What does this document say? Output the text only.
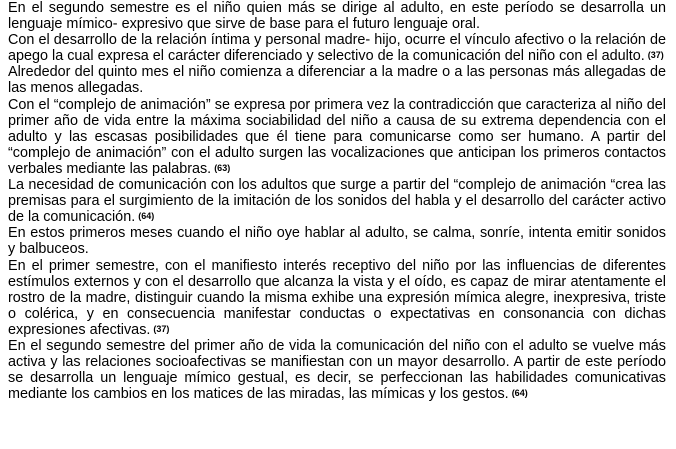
En el segundo semestre es el niño quien más se dirige al adulto, en este período se desarrolla un lenguaje mímico- expresivo que sirve de base para el futuro lenguaje oral.

Con el desarrollo de la relación íntima y personal madre- hijo, ocurre el vínculo afectivo o la relación de apego la cual expresa el carácter diferenciado y selectivo de la comunicación del niño con el adulto. $^{(37)}$

Alrededor del quinto mes el niño comienza a diferenciar a la madre o a las personas más allegadas de las menos allegadas.

Con el “complejo de animación” se expresa por primera vez la contradicción que caracteriza al niño del primer año de vida entre la máxima sociabilidad del niño a causa de su extrema dependencia con el adulto y las escasas posibilidades que él tiene para comunicarse como ser humano. A partir del “complejo de animación” con el adulto surgen las vocalizaciones que anticipan los primeros contactos verbales mediante las palabras. $^{(63)}$

La necesidad de comunicación con los adultos que surge a partir del “complejo de animación “crea las premisas para el surgimiento de la imitación de los sonidos del habla y el desarrollo del carácter activo de la comunicación. $^{(64)}$

En estos primeros meses cuando el niño oye hablar al adulto, se calma, sonríe, intenta emitir sonidos y balbuceos.

En el primer semestre, con el manifiesto interés receptivo del niño por las influencias de diferentes estímulos externos y con el desarrollo que alcanza la vista y el oído, es capaz de mirar atentamente el rostro de la madre, distinguir cuando la misma exhibe una expresión mímica alegre, inexpresiva, triste o colérica, y en consecuencia manifestar conductas o expectativas en consonancia con dichas expresiones afectivas. $^{(37)}$

En el segundo semestre del primer año de vida la comunicación del niño con el adulto se vuelve más activa y las relaciones socioafectivas se manifiestan con un mayor desarrollo. A partir de este período se desarrolla un lenguaje mímico gestual, es decir, se perfeccionan las habilidades comunicativas mediante los cambios en los matices de las miradas, las mímicas y los gestos. $^{(64)}$
